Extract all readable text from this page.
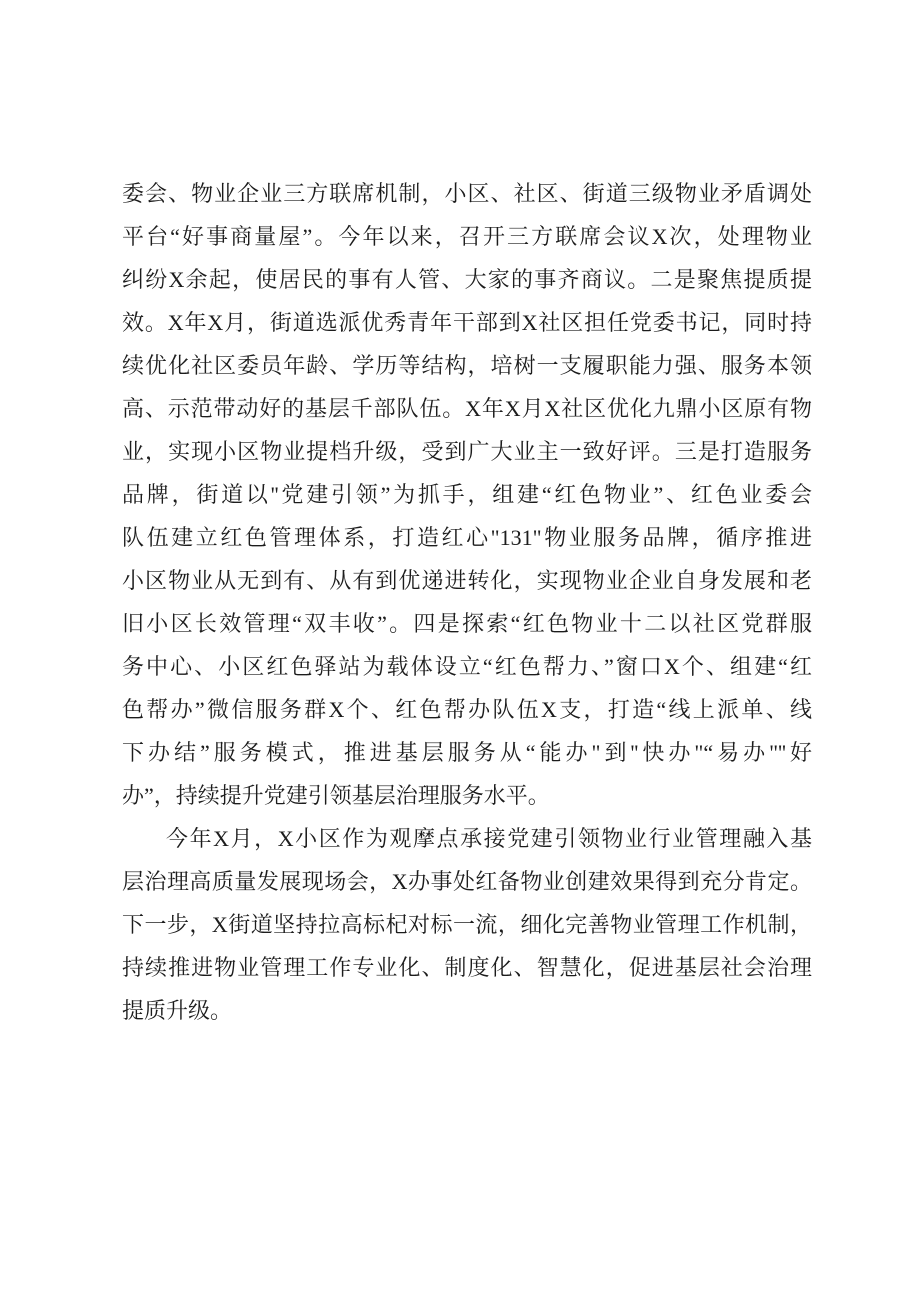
委会、物业企业三方联席机制，小区、社区、街道三级物业矛盾调处
平台“好事商量屋”。今年以来，召开三方联席会议X次，处理物业
纠纷X余起，使居民的事有人管、大家的事齐商议。二是聚焦提质提
效。X年X月，街道选派优秀青年干部到X社区担任党委书记，同时持
续优化社区委员年龄、学历等结构，培树一支履职能力强、服务本领
高、示范带动好的基层千部队伍。X年X月X社区优化九鼎小区原有物
业，实现小区物业提档升级，受到广大业主一致好评。三是打造服务
品牌，街道以''党建引领”为抓手，组建“红色物业”、红色业委会
队伍建立红色管理体系，打造红心"131"物业服务品牌，循序推进
小区物业从无到有、从有到优递进转化，实现物业企业自身发展和老
旧小区长效管理“双丰收”。四是探索“红色物业十二以社区党群服
务中心、小区红色驿站为载体设立“红色帮力、”窗口X个、组建“红
色帮办”微信服务群X个、红色帮办队伍X支，打造“线上派单、线
下办结”服务模式，推进基层服务从“能办"到''快办"“易办"''好
办”，持续提升党建引领基层治理服务水平。
今年X月，X小区作为观摩点承接党建引领物业行业管理融入基
层治理高质量发展现场会，X办事处红备物业创建效果得到充分肯定。
下一步，X街道坚持拉高标杞对标一流，细化完善物业管理工作机制，
持续推进物业管理工作专业化、制度化、智慧化，促进基层社会治理
提质升级。
